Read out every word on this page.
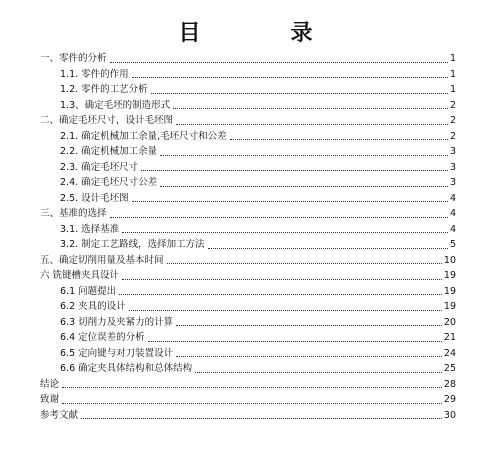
目　录
一、零件的分析	1
1.1. 零件的作用	1
1.2. 零件的工艺分析	1
1.3、确定毛坯的制造形式	2
二、确定毛坯尺寸，设计毛坯图	2
2.1. 确定机械加工余量,毛坯尺寸和公差	2
2.2. 确定机械加工余量	3
2.3. 确定毛坯尺寸	3
2.4. 确定毛坯尺寸公差	3
2.5. 设计毛坯图	4
三、基准的选择	4
3.1. 选择基准	4
3.2. 制定工艺路线，选择加工方法	5
五、确定切削用量及基本时间	10
六 铣键槽夹具设计	19
6.1 问题提出	19
6.2 夹具的设计	19
6.3 切削力及夹紧力的计算	20
6.4 定位误差的分析	21
6.5 定向键与对刀装置设计	24
6.6 确定夹具体结构和总体结构	25
结论	28
致谢	29
参考文献	30
